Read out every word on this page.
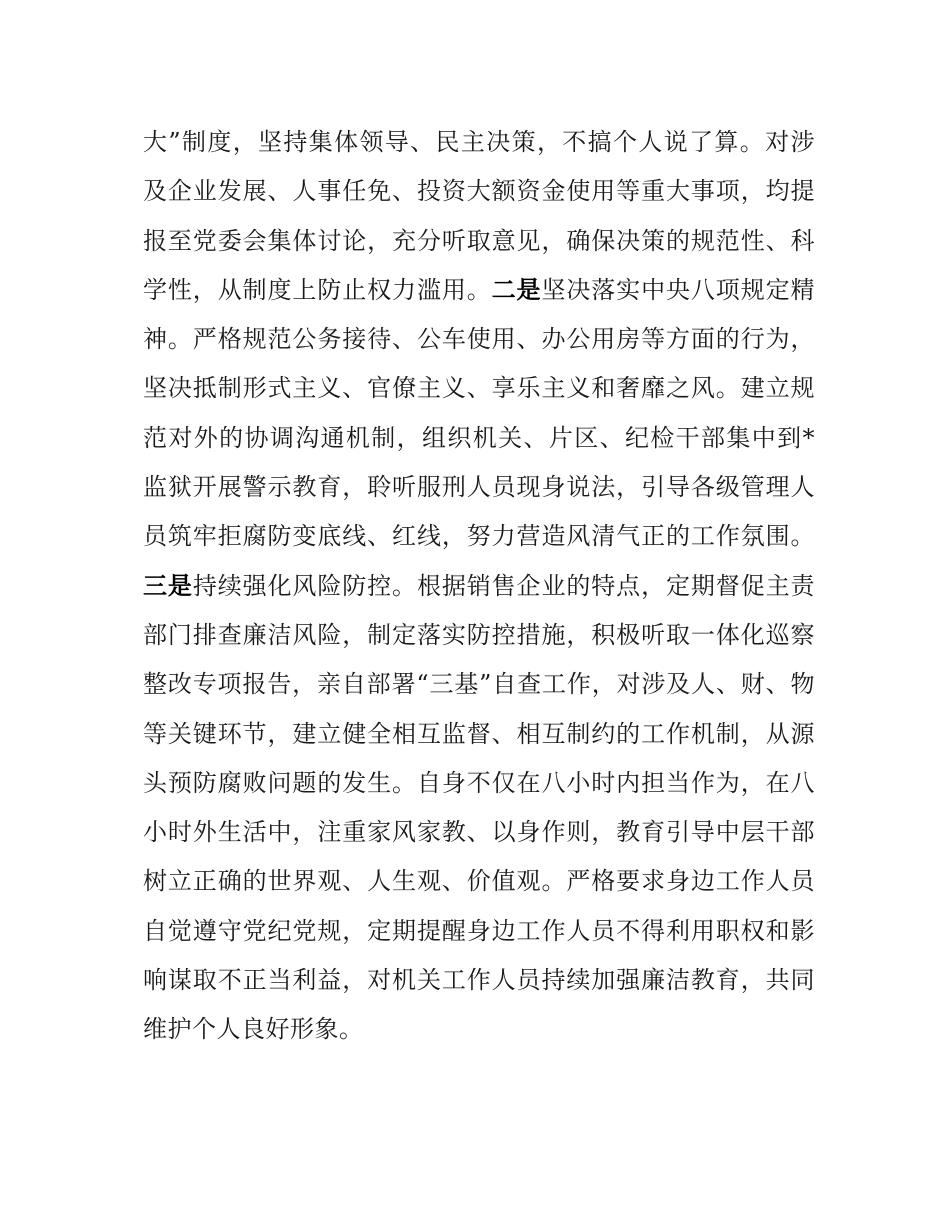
大”制度，坚持集体领导、民主决策，不搞个人说了算。对涉及企业发展、人事任免、投资大额资金使用等重大事项，均提报至党委会集体讨论，充分听取意见，确保决策的规范性、科学性，从制度上防止权力滥用。二是坚决落实中央八项规定精神。严格规范公务接待、公车使用、办公用房等方面的行为，坚决抵制形式主义、官僚主义、享乐主义和奢靡之风。建立规范对外的协调沟通机制，组织机关、片区、纪检干部集中到*监狱开展警示教育，聆听服刑人员现身说法，引导各级管理人员筑牢拒腐防变底线、红线，努力营造风清气正的工作氛围。三是持续强化风险防控。根据销售企业的特点，定期督促主责部门排查廉洁风险，制定落实防控措施，积极听取一体化巡察整改专项报告，亲自部署“三基”自查工作，对涉及人、财、物等关键环节，建立健全相互监督、相互制约的工作机制，从源头预防腐败问题的发生。自身不仅在八小时内担当作为，在八小时外生活中，注重家风家教、以身作则，教育引导中层干部树立正确的世界观、人生观、价值观。严格要求身边工作人员自觉遵守党纪党规，定期提醒身边工作人员不得利用职权和影响谋取不正当利益，对机关工作人员持续加强廉洁教育，共同维护个人良好形象。
